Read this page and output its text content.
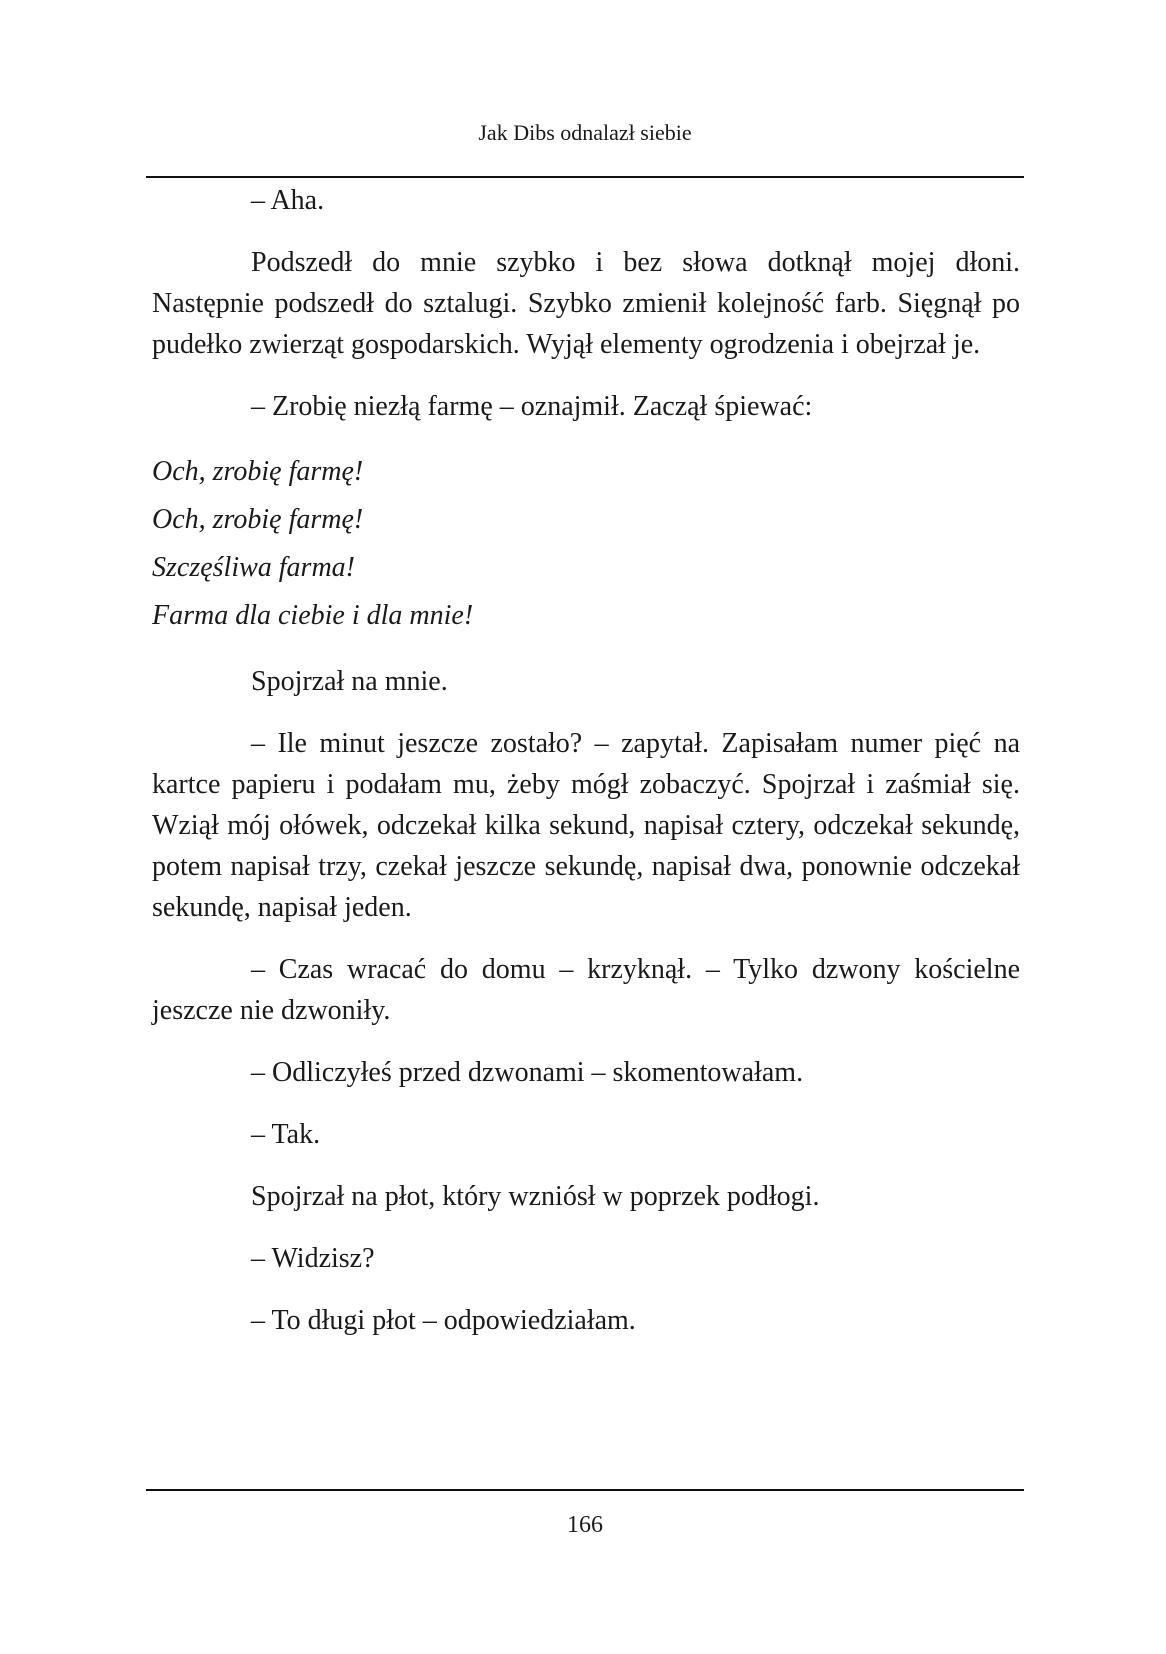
Jak Dibs odnalazł siebie

– Aha.

Podszedł do mnie szybko i bez słowa dotknął mojej dłoni. Następnie podszedł do sztalugi. Szybko zmienił kolejność farb. Sięgnął po pudełko zwierząt gospodarskich. Wyjął elementy ogrodzenia i obejrzał je.

– Zrobię niezłą farmę – oznajmił. Zaczął śpiewać:

Och, zrobię farmę!
Och, zrobię farmę!
Szczęśliwa farma!
Farma dla ciebie i dla mnie!

Spojrzał na mnie.

– Ile minut jeszcze zostało? – zapytał. Zapisałam numer pięć na kartce papieru i podałam mu, żeby mógł zobaczyć. Spojrzał i zaśmiał się. Wziął mój ołówek, odczekał kilka sekund, napisał cztery, odczekał sekundę, potem napisał trzy, czekał jeszcze sekundę, napisał dwa, ponownie odczekał sekundę, napisał jeden.

– Czas wracać do domu – krzyknął. – Tylko dzwony kościelne jeszcze nie dzwoniły.

– Odliczyłeś przed dzwonami – skomentowałam.

– Tak.

Spojrzał na płot, który wzniósł w poprzek podłogi.

– Widzisz?

– To długi płot – odpowiedziałam.

166
